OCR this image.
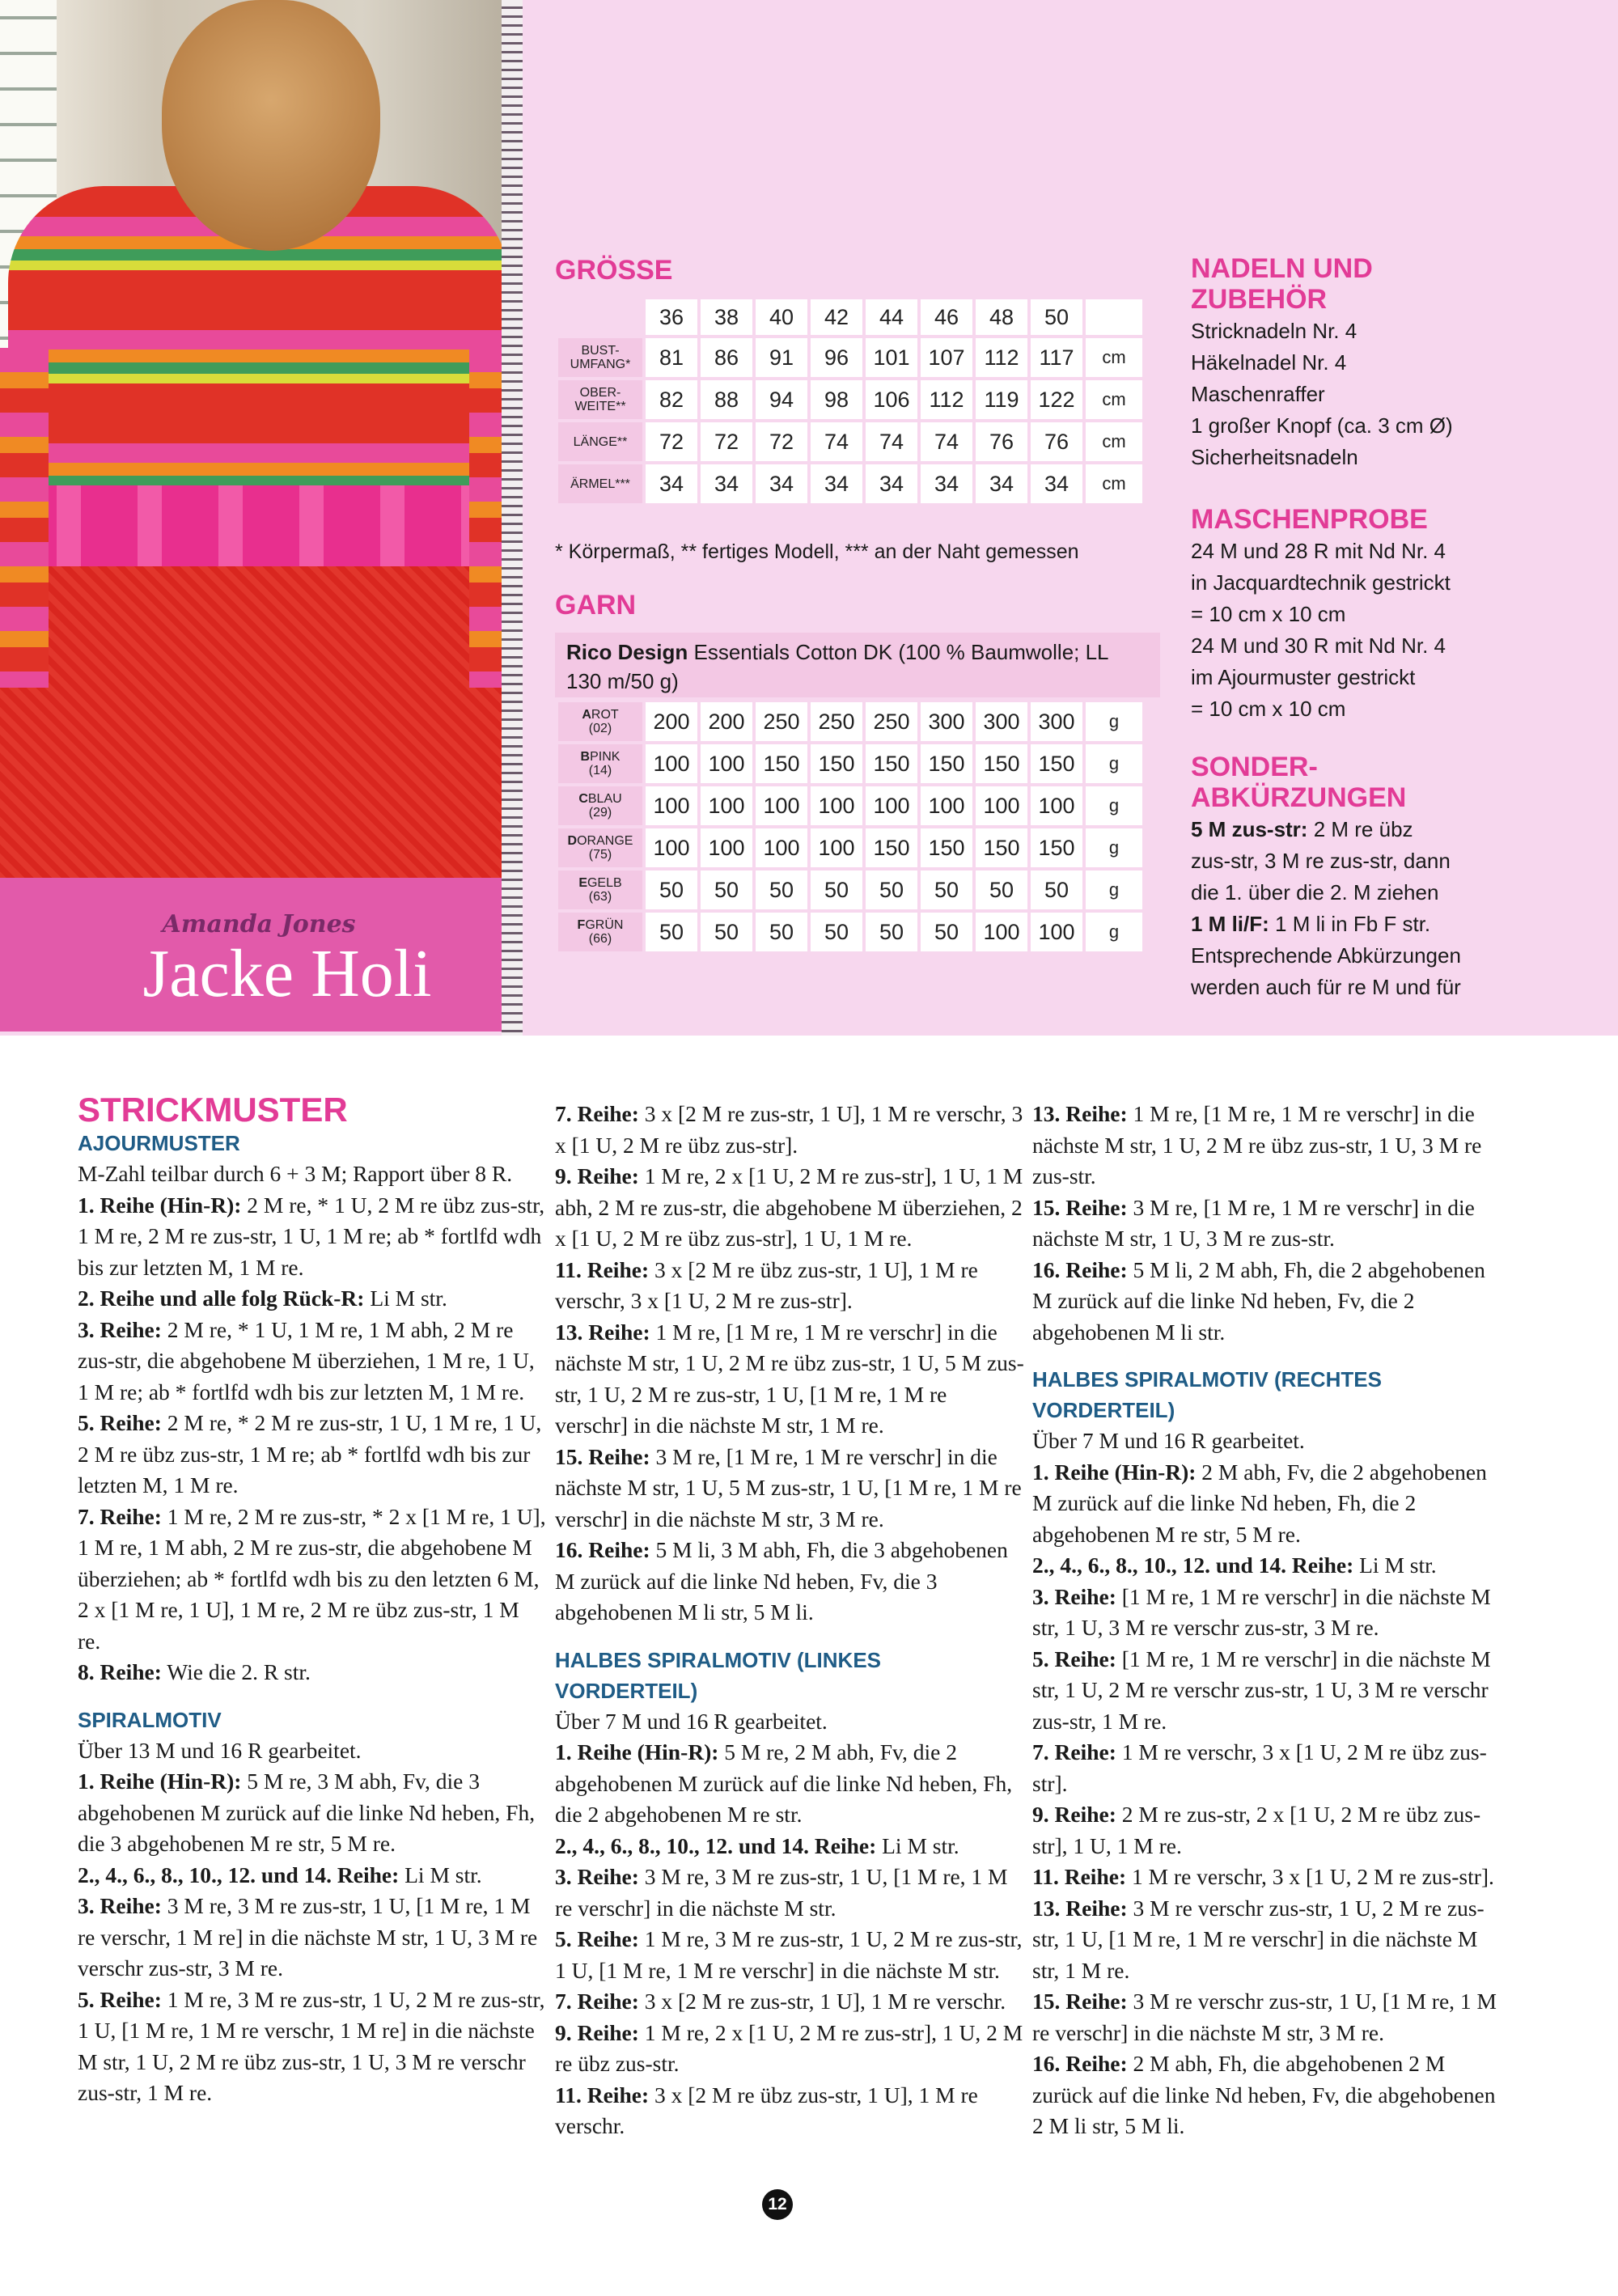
Amanda Jones
Jacke Holi
GRÖSSE
	36	38	40	42	44	46	48	50	
BUST-UMFANG*	81	86	91	96	101	107	112	117	cm
OBER-WEITE**	82	88	94	98	106	112	119	122	cm
LÄNGE**	72	72	72	74	74	74	76	76	cm
ÄRMEL***	34	34	34	34	34	34	34	34	cm
* Körpermaß, ** fertiges Modell, *** an der Naht gemessen
GARN
Rico Design Essentials Cotton DK (100 % Baumwolle; LL 130 m/50 g)
AROT
(02)	200	200	250	250	250	300	300	300	g

BPINK
(14)	100	100	150	150	150	150	150	150	g

CBLAU
(29)	100	100	100	100	100	100	100	100	g

DORANGE
(75)	100	100	100	100	150	150	150	150	g

EGELB
(63)	50	50	50	50	50	50	50	50	g

FGRÜN
(66)	50	50	50	50	50	50	100	100	g
NADELN UND
ZUBEHÖR

Stricknadeln Nr. 4

Häkelnadel Nr. 4

Maschenraffer

1 großer Knopf (ca. 3 cm Ø)

Sicherheitsnadeln

MASCHENPROBE

24 M und 28 R mit Nd Nr. 4

in Jacquardtechnik gestrickt

= 10 cm x 10 cm

24 M und 30 R mit Nd Nr. 4

im Ajourmuster gestrickt

= 10 cm x 10 cm

SONDER-
ABKÜRZUNGEN

5 M zus-str: 2 M re übz

zus-str, 3 M re zus-str, dann

die 1. über die 2. M ziehen

1 M li/F: 1 M li in Fb F str.

Entsprechende Abkürzungen

werden auch für re M und für

STRICKMUSTER
AJOURMUSTER

M-Zahl teilbar durch 6 + 3 M; Rapport über 8 R.

1. Reihe (Hin-R): 2 M re, * 1 U, 2 M re übz zus-str, 1 M re, 2 M re zus-str, 1 U, 1 M re; ab * fortlfd wdh bis zur letzten M, 1 M re.

2. Reihe und alle folg Rück-R: Li M str.

3. Reihe: 2 M re, * 1 U, 1 M re, 1 M abh, 2 M re zus-str, die abgehobene M überziehen, 1 M re, 1 U, 1 M re; ab * fortlfd wdh bis zur letzten M, 1 M re.

5. Reihe: 2 M re, * 2 M re zus-str, 1 U, 1 M re, 1 U, 2 M re übz zus-str, 1 M re; ab * fortlfd wdh bis zur letzten M, 1 M re.

7. Reihe: 1 M re, 2 M re zus-str, * 2 x [1 M re, 1 U], 1 M re, 1 M abh, 2 M re zus-str, die abgehobene M überziehen; ab * fortlfd wdh bis zu den letzten 6 M, 2 x [1 M re, 1 U], 1 M re, 2 M re übz zus-str, 1 M re.

8. Reihe: Wie die 2. R str.

SPIRALMOTIV

Über 13 M und 16 R gearbeitet.

1. Reihe (Hin-R): 5 M re, 3 M abh, Fv, die 3 abgehobenen M zurück auf die linke Nd heben, Fh, die 3 abgehobenen M re str, 5 M re.

2., 4., 6., 8., 10., 12. und 14. Reihe: Li M str.

3. Reihe: 3 M re, 3 M re zus-str, 1 U, [1 M re, 1 M re verschr, 1 M re] in die nächste M str, 1 U, 3 M re verschr zus-str, 3 M re.

5. Reihe: 1 M re, 3 M re zus-str, 1 U, 2 M re zus-str, 1 U, [1 M re, 1 M re verschr, 1 M re] in die nächste M str, 1 U, 2 M re übz zus-str, 1 U, 3 M re verschr zus-str, 1 M re.

7. Reihe: 3 x [2 M re zus-str, 1 U], 1 M re verschr, 3 x [1 U, 2 M re übz zus-str].

9. Reihe: 1 M re, 2 x [1 U, 2 M re zus-str], 1 U, 1 M abh, 2 M re zus-str, die abgehobene M überziehen, 2 x [1 U, 2 M re übz zus-str], 1 U, 1 M re.

11. Reihe: 3 x [2 M re übz zus-str, 1 U], 1 M re verschr, 3 x [1 U, 2 M re zus-str].

13. Reihe: 1 M re, [1 M re, 1 M re verschr] in die nächste M str, 1 U, 2 M re übz zus-str, 1 U, 5 M zus-str, 1 U, 2 M re zus-str, 1 U, [1 M re, 1 M re verschr] in die nächste M str, 1 M re.

15. Reihe: 3 M re, [1 M re, 1 M re verschr] in die nächste M str, 1 U, 5 M zus-str, 1 U, [1 M re, 1 M re verschr] in die nächste M str, 3 M re.

16. Reihe: 5 M li, 3 M abh, Fh, die 3 abgehobenen M zurück auf die linke Nd heben, Fv, die 3 abgehobenen M li str, 5 M li.

HALBES SPIRALMOTIV (LINKES VORDERTEIL)

Über 7 M und 16 R gearbeitet.

1. Reihe (Hin-R): 5 M re, 2 M abh, Fv, die 2 abgehobenen M zurück auf die linke Nd heben, Fh, die 2 abgehobenen M re str.

2., 4., 6., 8., 10., 12. und 14. Reihe: Li M str.

3. Reihe: 3 M re, 3 M re zus-str, 1 U, [1 M re, 1 M re verschr] in die nächste M str.

5. Reihe: 1 M re, 3 M re zus-str, 1 U, 2 M re zus-str, 1 U, [1 M re, 1 M re verschr] in die nächste M str.

7. Reihe: 3 x [2 M re zus-str, 1 U], 1 M re verschr.

9. Reihe: 1 M re, 2 x [1 U, 2 M re zus-str], 1 U, 2 M re übz zus-str.

11. Reihe: 3 x [2 M re übz zus-str, 1 U], 1 M re verschr.

13. Reihe: 1 M re, [1 M re, 1 M re verschr] in die nächste M str, 1 U, 2 M re übz zus-str, 1 U, 3 M re zus-str.

15. Reihe: 3 M re, [1 M re, 1 M re verschr] in die nächste M str, 1 U, 3 M re zus-str.

16. Reihe: 5 M li, 2 M abh, Fh, die 2 abgehobenen M zurück auf die linke Nd heben, Fv, die 2 abgehobenen M li str.

HALBES SPIRALMOTIV (RECHTES VORDERTEIL)

Über 7 M und 16 R gearbeitet.

1. Reihe (Hin-R): 2 M abh, Fv, die 2 abgehobenen M zurück auf die linke Nd heben, Fh, die 2 abgehobenen M re str, 5 M re.

2., 4., 6., 8., 10., 12. und 14. Reihe: Li M str.

3. Reihe: [1 M re, 1 M re verschr] in die nächste M str, 1 U, 3 M re verschr zus-str, 3 M re.

5. Reihe: [1 M re, 1 M re verschr] in die nächste M str, 1 U, 2 M re verschr zus-str, 1 U, 3 M re verschr zus-str, 1 M re.

7. Reihe: 1 M re verschr, 3 x [1 U, 2 M re übz zus-str].

9. Reihe: 2 M re zus-str, 2 x [1 U, 2 M re übz zus-str], 1 U, 1 M re.

11. Reihe: 1 M re verschr, 3 x [1 U, 2 M re zus-str].

13. Reihe: 3 M re verschr zus-str, 1 U, 2 M re zus-str, 1 U, [1 M re, 1 M re verschr] in die nächste M str, 1 M re.

15. Reihe: 3 M re verschr zus-str, 1 U, [1 M re, 1 M re verschr] in die nächste M str, 3 M re.

16. Reihe: 2 M abh, Fh, die abgehobenen 2 M zurück auf die linke Nd heben, Fv, die abgehobenen 2 M li str, 5 M li.

12
